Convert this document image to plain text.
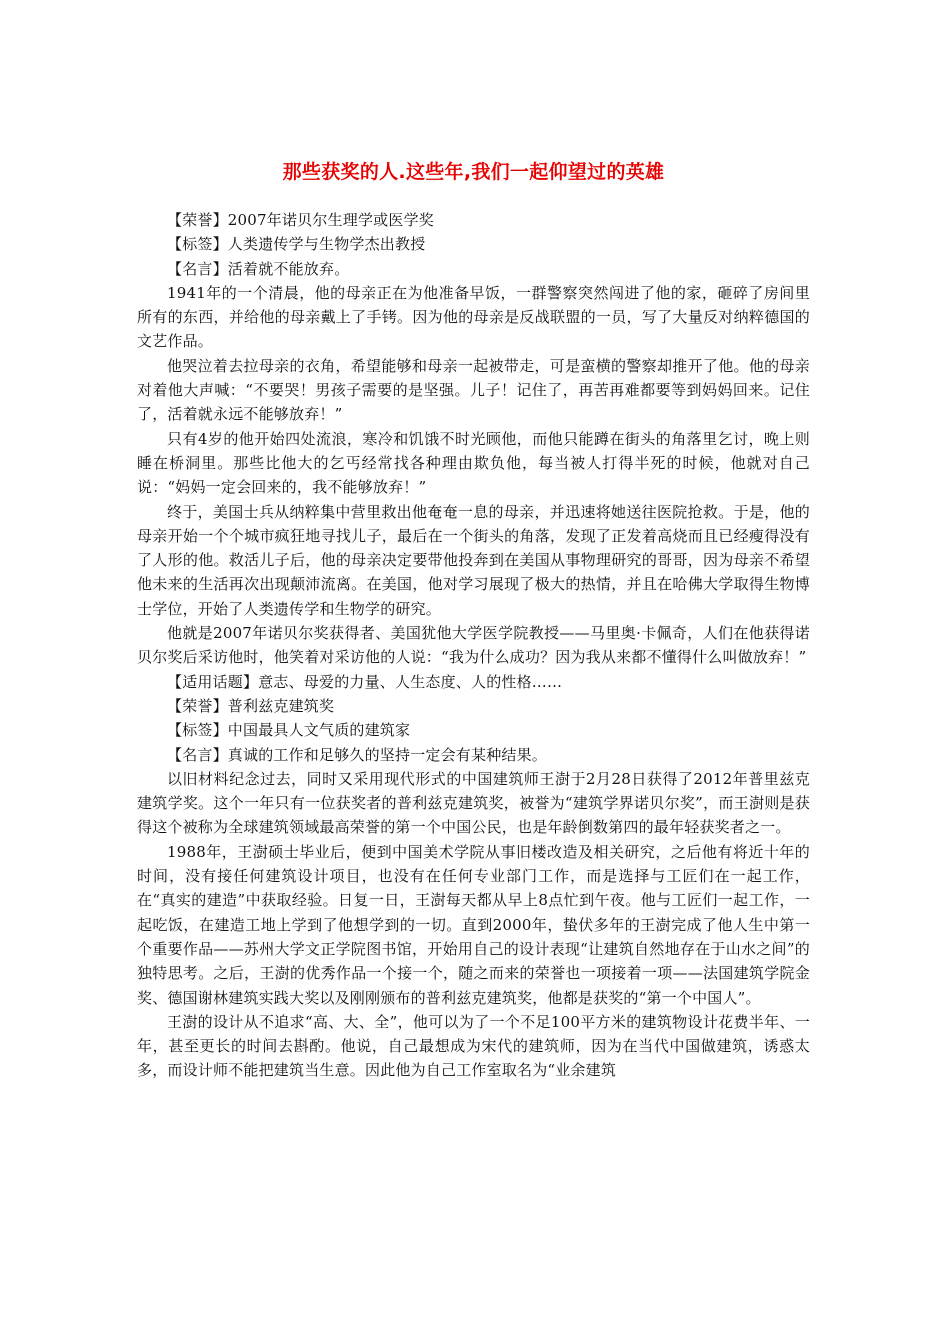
那些获奖的人.这些年,我们一起仰望过的英雄

【荣誉】2007年诺贝尔生理学或医学奖

【标签】人类遗传学与生物学杰出教授

【名言】活着就不能放弃。

1941年的一个清晨，他的母亲正在为他准备早饭，一群警察突然闯进了他的家，砸碎了房间里所有的东西，并给他的母亲戴上了手铐。因为他的母亲是反战联盟的一员，写了大量反对纳粹德国的文艺作品。

他哭泣着去拉母亲的衣角，希望能够和母亲一起被带走，可是蛮横的警察却推开了他。他的母亲对着他大声喊：“不要哭！男孩子需要的是坚强。儿子！记住了，再苦再难都要等到妈妈回来。记住了，活着就永远不能够放弃！”

只有4岁的他开始四处流浪，寒冷和饥饿不时光顾他，而他只能蹲在街头的角落里乞讨，晚上则睡在桥洞里。那些比他大的乞丐经常找各种理由欺负他，每当被人打得半死的时候，他就对自己说：“妈妈一定会回来的，我不能够放弃！”

终于，美国士兵从纳粹集中营里救出他奄奄一息的母亲，并迅速将她送往医院抢救。于是，他的母亲开始一个个城市疯狂地寻找儿子，最后在一个街头的角落，发现了正发着高烧而且已经瘦得没有了人形的他。救活儿子后，他的母亲决定要带他投奔到在美国从事物理研究的哥哥，因为母亲不希望他未来的生活再次出现颠沛流离。在美国，他对学习展现了极大的热情，并且在哈佛大学取得生物博士学位，开始了人类遗传学和生物学的研究。

他就是2007年诺贝尔奖获得者、美国犹他大学医学院教授——马里奥·卡佩奇，人们在他获得诺贝尔奖后采访他时，他笑着对采访他的人说：“我为什么成功？因为我从来都不懂得什么叫做放弃！”

【适用话题】意志、母爱的力量、人生态度、人的性格……

【荣誉】普利兹克建筑奖

【标签】中国最具人文气质的建筑家

【名言】真诚的工作和足够久的坚持一定会有某种结果。

以旧材料纪念过去，同时又采用现代形式的中国建筑师王澍于2月28日获得了2012年普里兹克建筑学奖。这个一年只有一位获奖者的普利兹克建筑奖，被誉为“建筑学界诺贝尔奖”，而王澍则是获得这个被称为全球建筑领域最高荣誉的第一个中国公民，也是年龄倒数第四的最年轻获奖者之一。

1988年，王澍硕士毕业后，便到中国美术学院从事旧楼改造及相关研究，之后他有将近十年的时间，没有接任何建筑设计项目，也没有在任何专业部门工作，而是选择与工匠们在一起工作，在“真实的建造”中获取经验。日复一日，王澍每天都从早上8点忙到午夜。他与工匠们一起工作，一起吃饭，在建造工地上学到了他想学到的一切。直到2000年，蛰伏多年的王澍完成了他人生中第一个重要作品——苏州大学文正学院图书馆，开始用自己的设计表现“让建筑自然地存在于山水之间”的独特思考。之后，王澍的优秀作品一个接一个，随之而来的荣誉也一项接着一项——法国建筑学院金奖、德国谢林建筑实践大奖以及刚刚颁布的普利兹克建筑奖，他都是获奖的“第一个中国人”。

王澍的设计从不追求“高、大、全”，他可以为了一个不足100平方米的建筑物设计花费半年、一年，甚至更长的时间去斟酌。他说，自己最想成为宋代的建筑师，因为在当代中国做建筑，诱惑太多，而设计师不能把建筑当生意。因此他为自己工作室取名为“业余建筑
